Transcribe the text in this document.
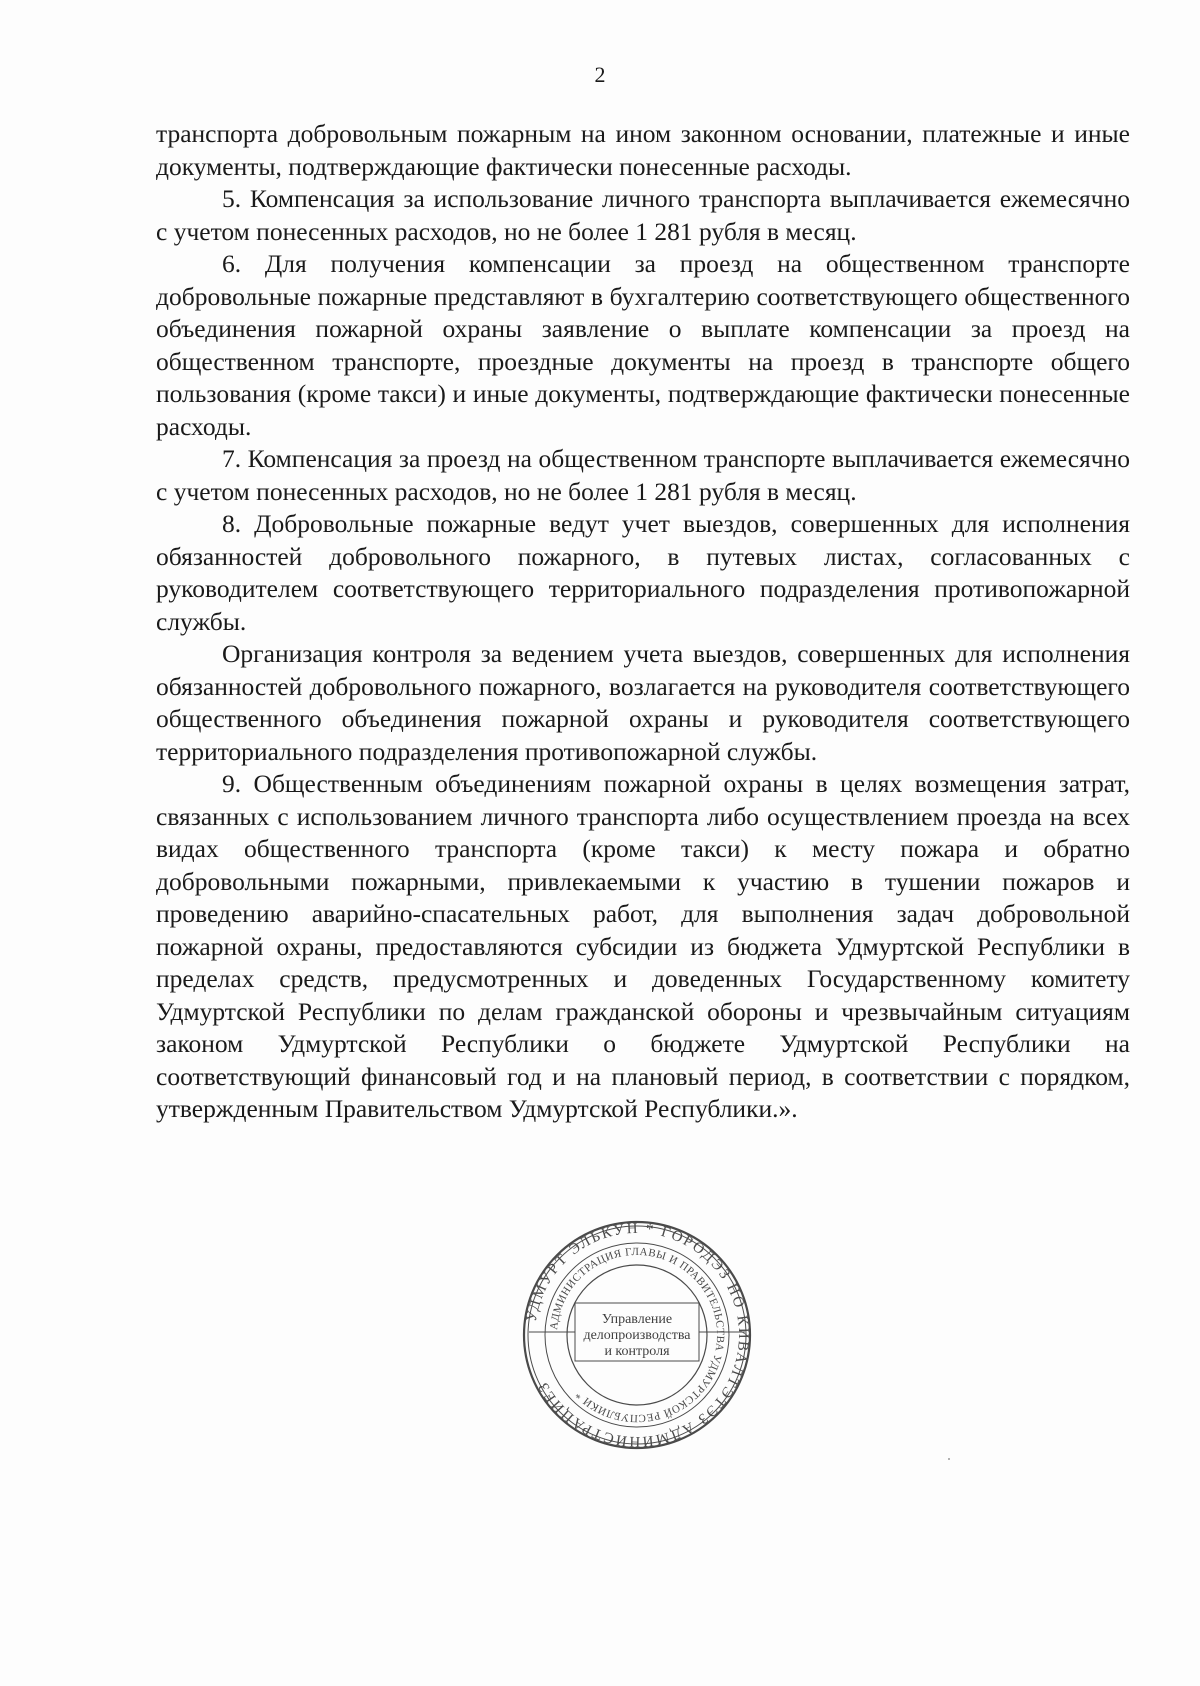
2

транспорта добровольным пожарным на ином законном основании, платежные и иные документы, подтверждающие фактически понесенные расходы.

5. Компенсация за использование личного транспорта выплачивается ежемесячно с учетом понесенных расходов, но не более 1 281 рубля в месяц.

6. Для получения компенсации за проезд на общественном транспорте добровольные пожарные представляют в бухгалтерию соответствующего общественного объединения пожарной охраны заявление о выплате компенсации за проезд на общественном транспорте, проездные документы на проезд в транспорте общего пользования (кроме такси) и иные документы, подтверждающие фактически понесенные расходы.

7. Компенсация за проезд на общественном транспорте выплачивается ежемесячно с учетом понесенных расходов, но не более 1 281 рубля в месяц.

8. Добровольные пожарные ведут учет выездов, совершенных для исполнения обязанностей добровольного пожарного, в путевых листах, согласованных с руководителем соответствующего территориального подразделения противопожарной службы.

Организация контроля за ведением учета выездов, совершенных для исполнения обязанностей добровольного пожарного, возлагается на руководителя соответствующего общественного объединения пожарной охраны и руководителя соответствующего территориального подразделения противопожарной службы.

9. Общественным объединениям пожарной охраны в целях возмещения затрат, связанных с использованием личного транспорта либо осуществлением проезда на всех видах общественного транспорта (кроме такси) к месту пожара и обратно добровольными пожарными, привлекаемыми к участию в тушении пожаров и проведению аварийно-спасательных работ, для выполнения задач добровольной пожарной охраны, предоставляются субсидии из бюджета Удмуртской Республики в пределах средств, предусмотренных и доведенных Государственному комитету Удмуртской Республики по делам гражданской обороны и чрезвычайным ситуациям законом Удмуртской Республики о бюджете Удмуртской Республики на соответствующий финансовый год и на плановый период, в соответствии с порядком, утвержденным Правительством Удмуртской Республики.».

УДМУРТ ЭЛЬКУН * ГОРОДЭЗ НО КИВАЛТЭТЭЗ АДМИНИСТРАЦИЕЗ
АДМИНИСТРАЦИЯ ГЛАВЫ И ПРАВИТЕЛЬСТВА УДМУРТСКОЙ РЕСПУБЛИКИ *
Управление
делопроизводства
и контроля
